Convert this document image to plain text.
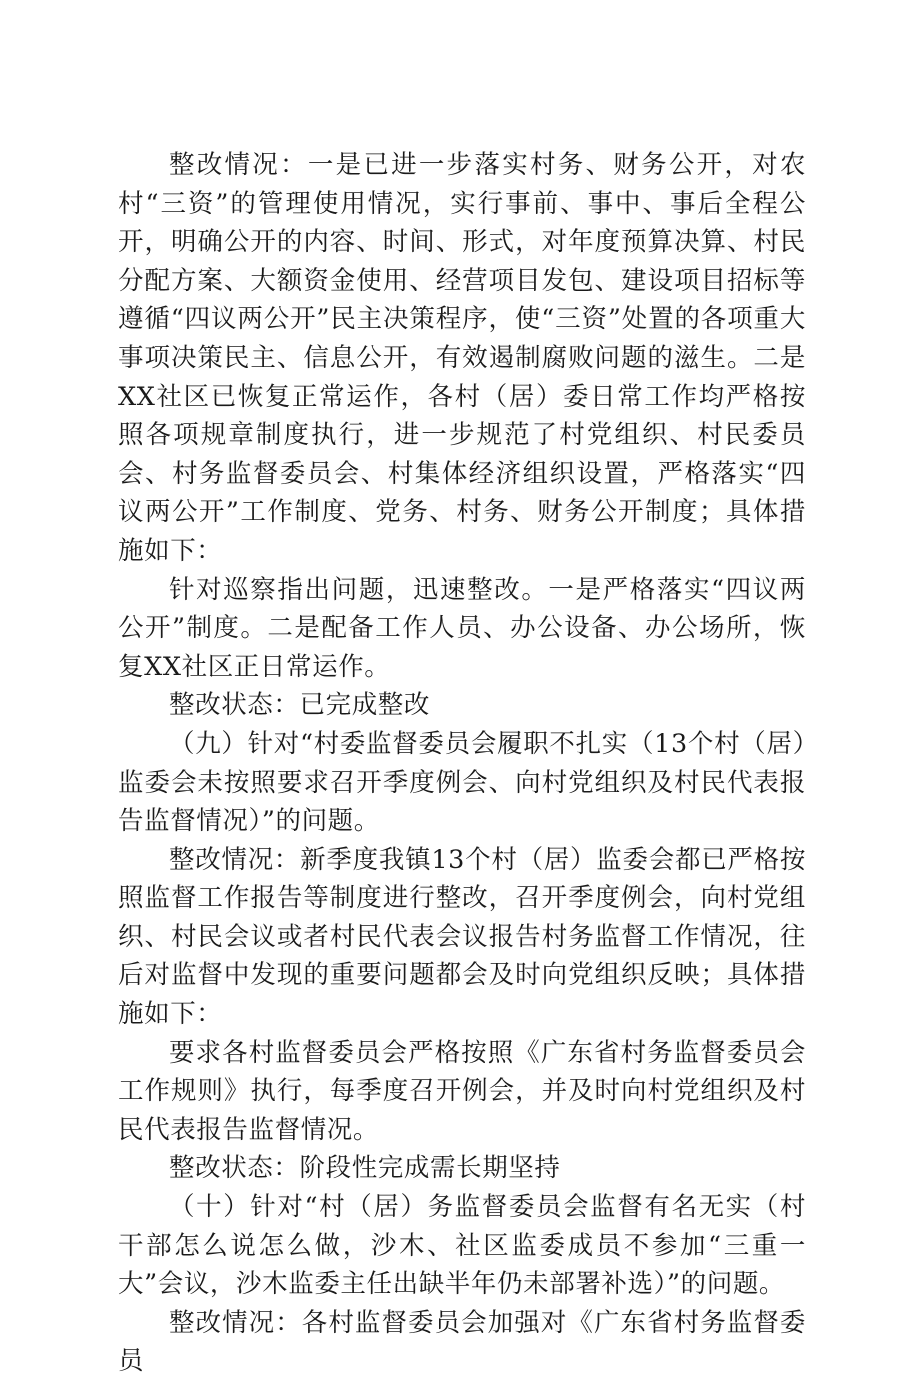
整改情况：一是已进一步落实村务、财务公开，对农村“三资”的管理使用情况，实行事前、事中、事后全程公开，明确公开的内容、时间、形式，对年度预算决算、村民分配方案、大额资金使用、经营项目发包、建设项目招标等遵循“四议两公开”民主决策程序，使“三资”处置的各项重大事项决策民主、信息公开，有效遏制腐败问题的滋生。二是XX社区已恢复正常运作，各村（居）委日常工作均严格按照各项规章制度执行，进一步规范了村党组织、村民委员会、村务监督委员会、村集体经济组织设置，严格落实“四议两公开”工作制度、党务、村务、财务公开制度；具体措施如下：

针对巡察指出问题，迅速整改。一是严格落实“四议两公开”制度。二是配备工作人员、办公设备、办公场所，恢复XX社区正日常运作。

整改状态：已完成整改

（九）针对“村委监督委员会履职不扎实（13个村（居）监委会未按照要求召开季度例会、向村党组织及村民代表报告监督情况）”的问题。

整改情况：新季度我镇13个村（居）监委会都已严格按照监督工作报告等制度进行整改，召开季度例会，向村党组织、村民会议或者村民代表会议报告村务监督工作情况，往后对监督中发现的重要问题都会及时向党组织反映；具体措施如下：

要求各村监督委员会严格按照《广东省村务监督委员会工作规则》执行，每季度召开例会，并及时向村党组织及村民代表报告监督情况。

整改状态：阶段性完成需长期坚持

（十）针对“村（居）务监督委员会监督有名无实（村干部怎么说怎么做，沙木、社区监委成员不参加“三重一大”会议，沙木监委主任出缺半年仍未部署补选）”的问题。

整改情况：各村监督委员会加强对《广东省村务监督委员
